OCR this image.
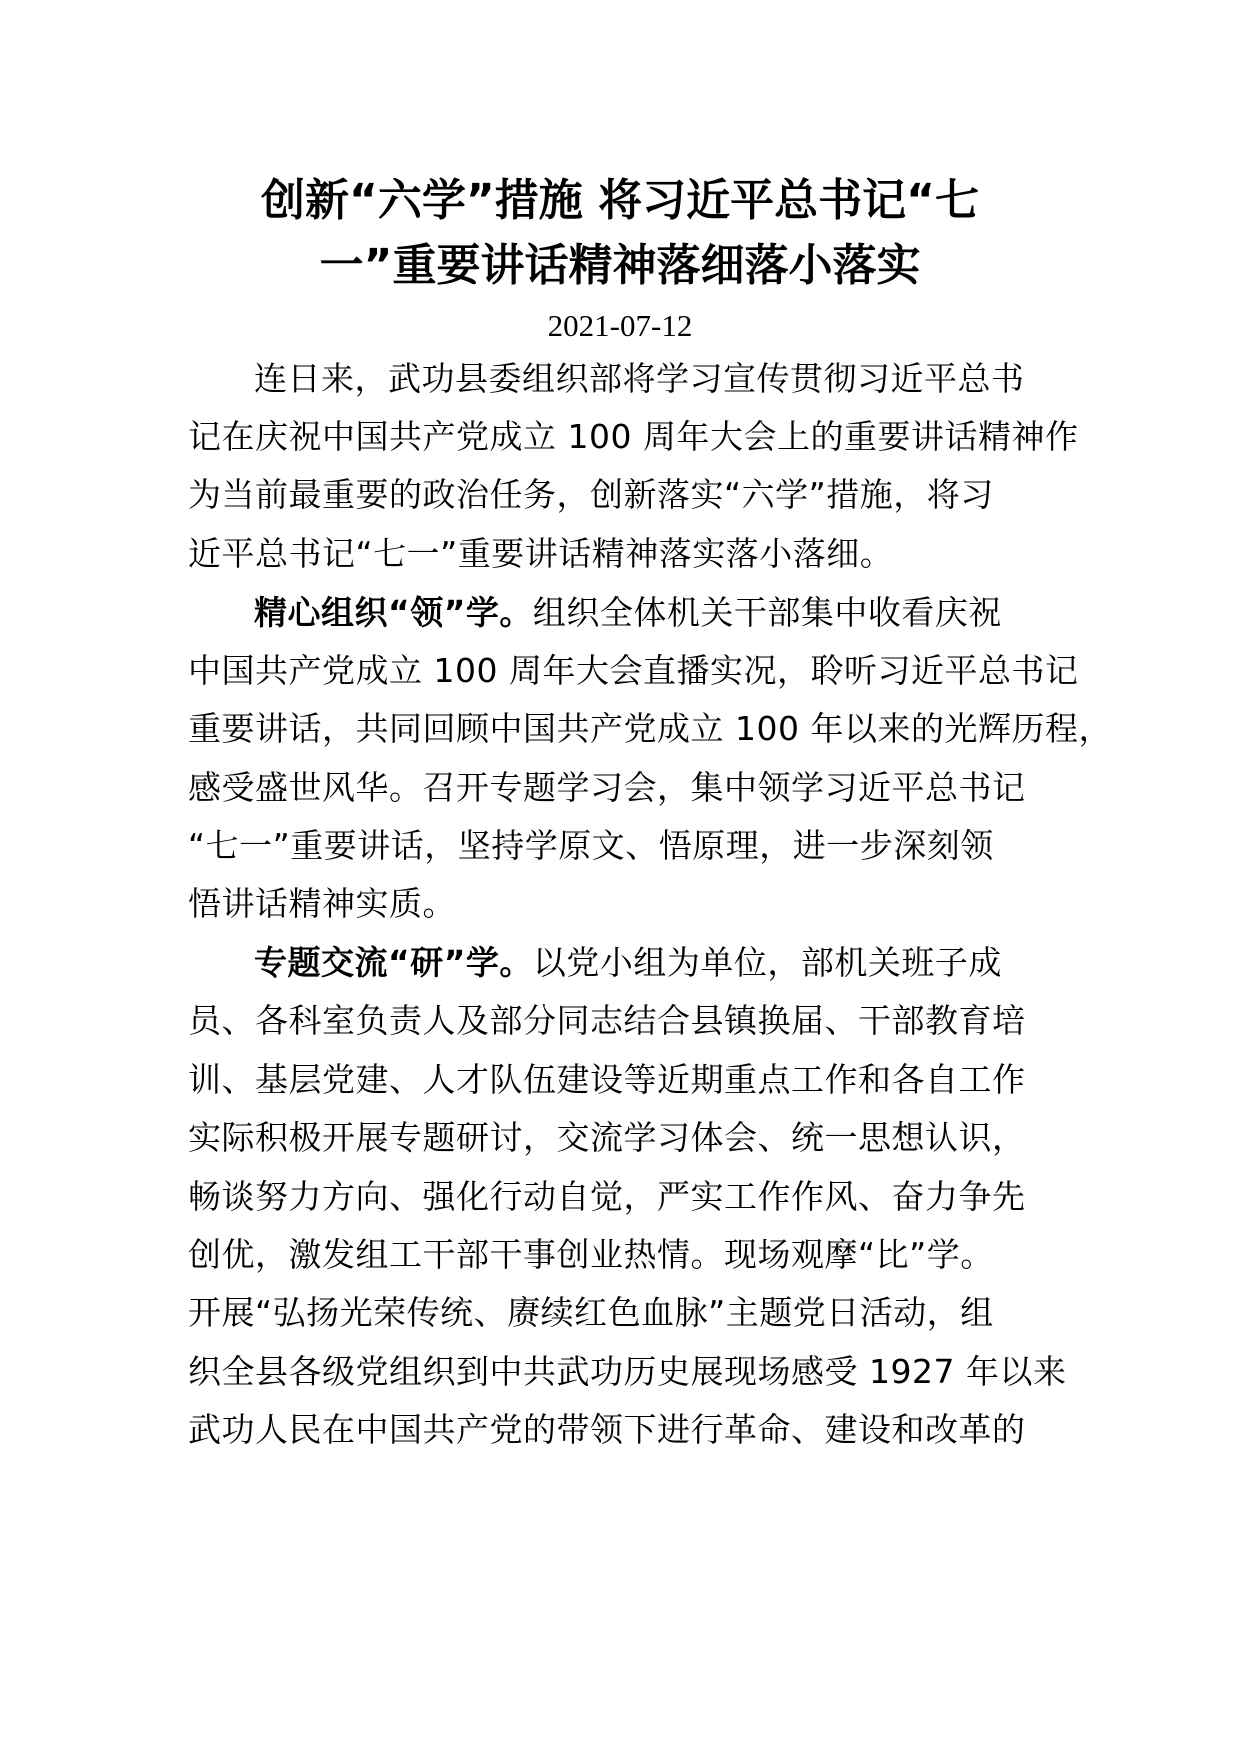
创新“六学”措施 将习近平总书记“七
一”重要讲话精神落细落小落实
2021-07-12
连日来，武功县委组织部将学习宣传贯彻习近平总书
记在庆祝中国共产党成立 100 周年大会上的重要讲话精神作
为当前最重要的政治任务，创新落实“六学”措施，将习
近平总书记“七一”重要讲话精神落实落小落细。
精心组织“领”学。组织全体机关干部集中收看庆祝
中国共产党成立 100 周年大会直播实况，聆听习近平总书记
重要讲话，共同回顾中国共产党成立 100 年以来的光辉历程，
感受盛世风华。召开专题学习会，集中领学习近平总书记
“七一”重要讲话，坚持学原文、悟原理，进一步深刻领
悟讲话精神实质。
专题交流“研”学。以党小组为单位，部机关班子成
员、各科室负责人及部分同志结合县镇换届、干部教育培
训、基层党建、人才队伍建设等近期重点工作和各自工作
实际积极开展专题研讨，交流学习体会、统一思想认识，
畅谈努力方向、强化行动自觉，严实工作作风、奋力争先
创优，激发组工干部干事创业热情。现场观摩“比”学。
开展“弘扬光荣传统、赓续红色血脉”主题党日活动，组
织全县各级党组织到中共武功历史展现场感受 1927 年以来
武功人民在中国共产党的带领下进行革命、建设和改革的
